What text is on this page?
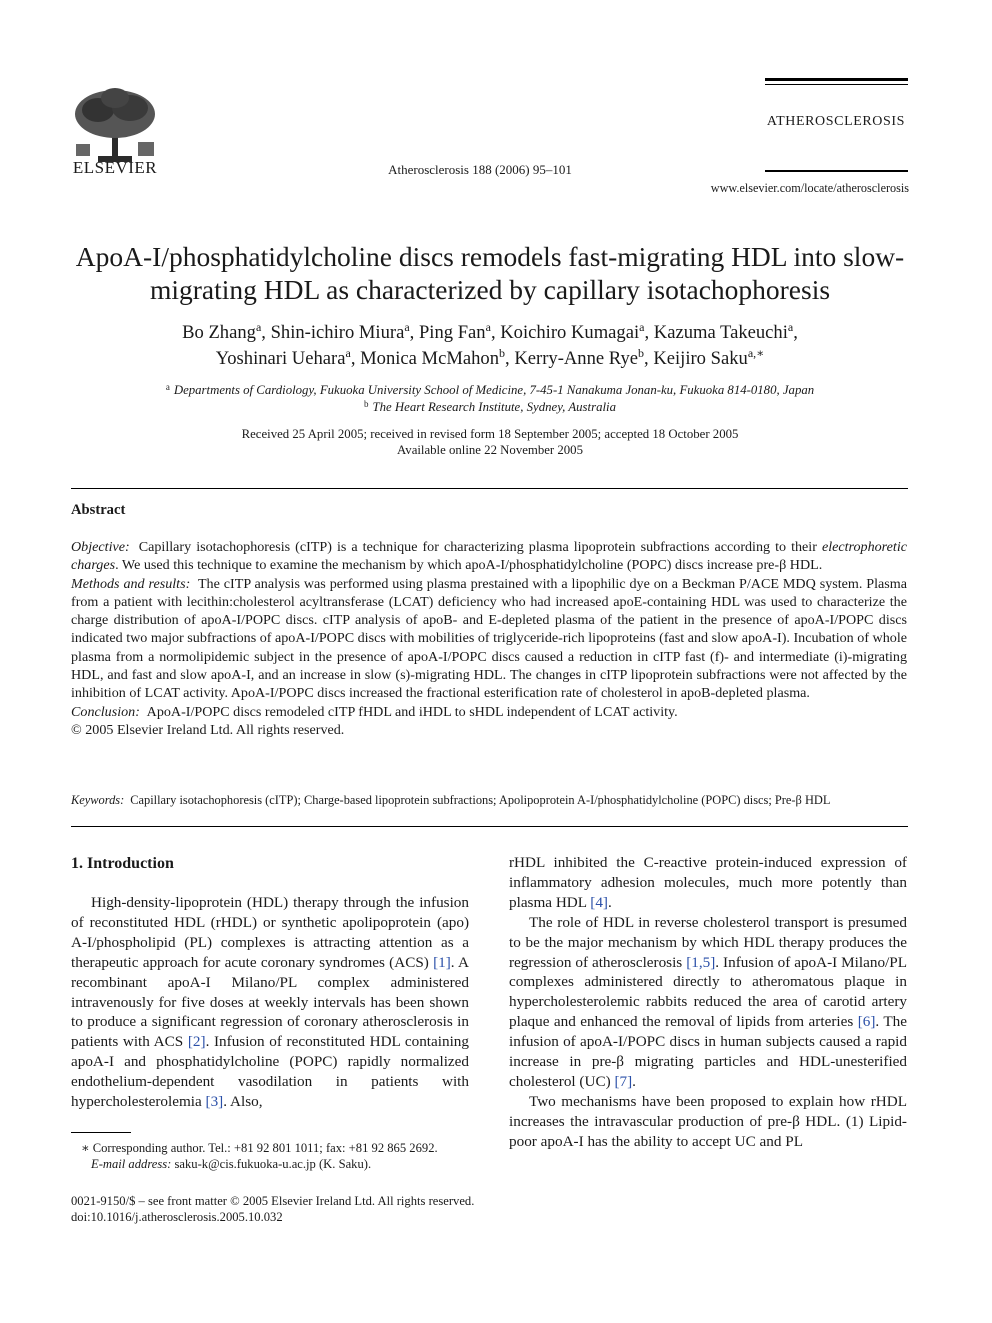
ELSEVIER	Atherosclerosis 188 (2006) 95–101
ATHEROSCLEROSIS
www.elsevier.com/locate/atherosclerosis
ApoA-I/phosphatidylcholine discs remodels fast-migrating HDL into slow-migrating HDL as characterized by capillary isotachophoresis
Bo Zhang$^a$, Shin-ichiro Miura$^a$, Ping Fan$^a$, Koichiro Kumagai$^a$, Kazuma Takeuchi$^a$,
Yoshinari Uehara$^a$, Monica McMahon$^b$, Kerry-Anne Rye$^b$, Keijiro Saku$^{a,∗}$
$^a$ Departments of Cardiology, Fukuoka University School of Medicine, 7-45-1 Nanakuma Jonan-ku, Fukuoka 814-0180, Japan
$^b$ The Heart Research Institute, Sydney, Australia
Received 25 April 2005; received in revised form 18 September 2005; accepted 18 October 2005
Available online 22 November 2005
Abstract

Objective: Capillary isotachophoresis (cITP) is a technique for characterizing plasma lipoprotein subfractions according to their electrophoretic charges. We used this technique to examine the mechanism by which apoA-I/phosphatidylcholine (POPC) discs increase pre-β HDL.

Methods and results: The cITP analysis was performed using plasma prestained with a lipophilic dye on a Beckman P/ACE MDQ system. Plasma from a patient with lecithin:cholesterol acyltransferase (LCAT) deficiency who had increased apoE-containing HDL was used to characterize the charge distribution of apoA-I/POPC discs. cITP analysis of apoB- and E-depleted plasma of the patient in the presence of apoA-I/POPC discs indicated two major subfractions of apoA-I/POPC discs with mobilities of triglyceride-rich lipoproteins (fast and slow apoA-I). Incubation of whole plasma from a normolipidemic subject in the presence of apoA-I/POPC discs caused a reduction in cITP fast (f)- and intermediate (i)-migrating HDL, and fast and slow apoA-I, and an increase in slow (s)-migrating HDL. The changes in cITP lipoprotein subfractions were not affected by the inhibition of LCAT activity. ApoA-I/POPC discs increased the fractional esterification rate of cholesterol in apoB-depleted plasma.

Conclusion: ApoA-I/POPC discs remodeled cITP fHDL and iHDL to sHDL independent of LCAT activity.

© 2005 Elsevier Ireland Ltd. All rights reserved.

Keywords: Capillary isotachophoresis (cITP); Charge-based lipoprotein subfractions; Apolipoprotein A-I/phosphatidylcholine (POPC) discs; Pre-β HDL
1. Introduction

High-density-lipoprotein (HDL) therapy through the infusion of reconstituted HDL (rHDL) or synthetic apolipoprotein (apo) A-I/phospholipid (PL) complexes is attracting attention as a therapeutic approach for acute coronary syndromes (ACS) [1]. A recombinant apoA-I Milano/PL complex administered intravenously for five doses at weekly intervals has been shown to produce a significant regression of coronary atherosclerosis in patients with ACS [2]. Infusion of reconstituted HDL containing apoA-I and phosphatidylcholine (POPC) rapidly normalized endothelium-dependent vasodilation in patients with hypercholesterolemia [3]. Also,

rHDL inhibited the C-reactive protein-induced expression of inflammatory adhesion molecules, much more potently than plasma HDL [4].

The role of HDL in reverse cholesterol transport is presumed to be the major mechanism by which HDL therapy produces the regression of atherosclerosis [1,5]. Infusion of apoA-I Milano/PL complexes administered directly to atheromatous plaque in hypercholesterolemic rabbits reduced the area of carotid artery plaque and enhanced the removal of lipids from arteries [6]. The infusion of apoA-I/POPC discs in human subjects caused a rapid increase in pre-β migrating particles and HDL-unesterified cholesterol (UC) [7].

Two mechanisms have been proposed to explain how rHDL increases the intravascular production of pre-β HDL. (1) Lipid-poor apoA-I has the ability to accept UC and PL

∗ Corresponding author. Tel.: +81 92 801 1011; fax: +81 92 865 2692.
E-mail address: saku-k@cis.fukuoka-u.ac.jp (K. Saku).
0021-9150/$ – see front matter © 2005 Elsevier Ireland Ltd. All rights reserved.
doi:10.1016/j.atherosclerosis.2005.10.032
